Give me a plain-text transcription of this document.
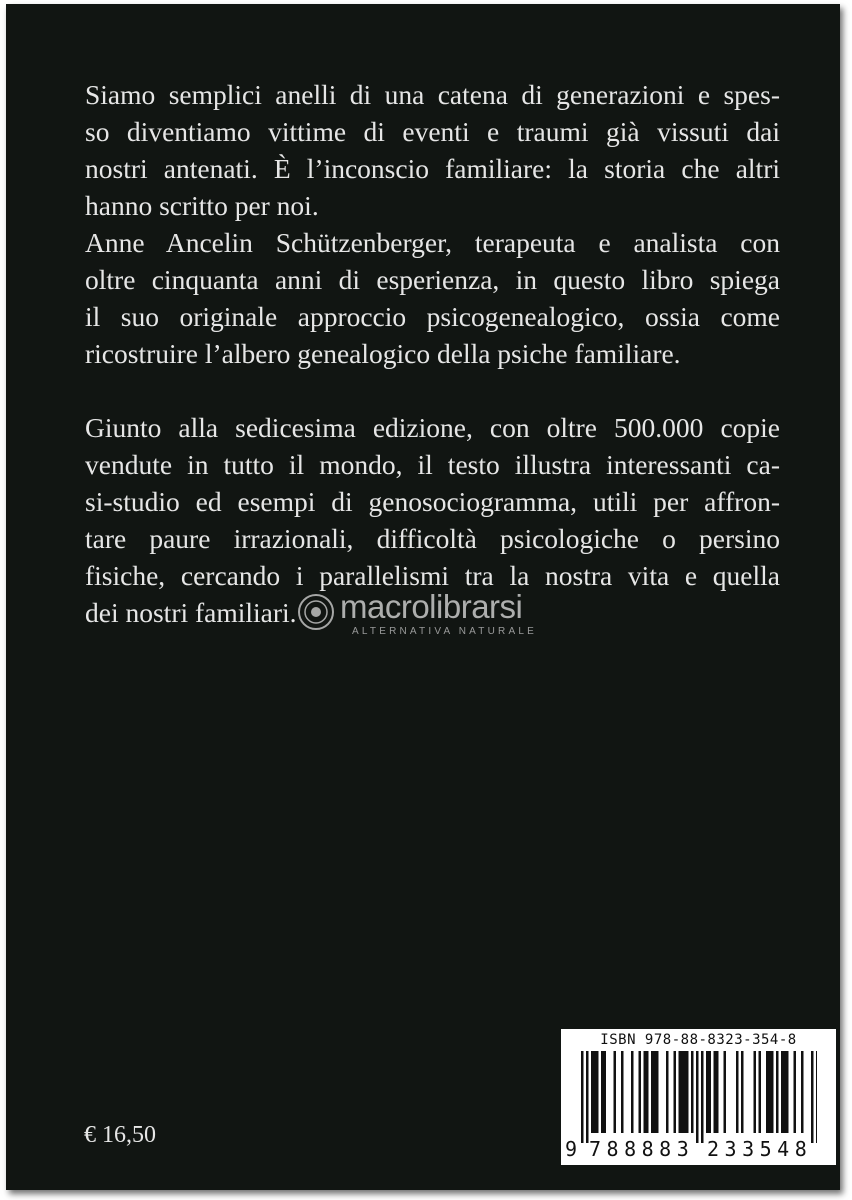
Siamo semplici anelli di una catena di generazioni e spes-
so diventiamo vittime di eventi e traumi già vissuti dai
nostri antenati. È l’inconscio familiare: la storia che altri
hanno scritto per noi.
Anne Ancelin Schützenberger, terapeuta e analista con
oltre cinquanta anni di esperienza, in questo libro spiega
il suo originale approccio psicogenealogico, ossia come
ricostruire l’albero genealogico della psiche familiare.
Giunto alla sedicesima edizione, con oltre 500.000 copie
vendute in tutto il mondo, il testo illustra interessanti ca-
si-studio ed esempi di genosociogramma, utili per affron-
tare paure irrazionali, difficoltà psicologiche o persino
fisiche, cercando i parallelismi tra la nostra vita e quella
dei nostri familiari.	macrolibrarsi
ALTERNATIVA NATURALE
ISBN 978-88-8323-354-8
9 788883 233548
€ 16,50
